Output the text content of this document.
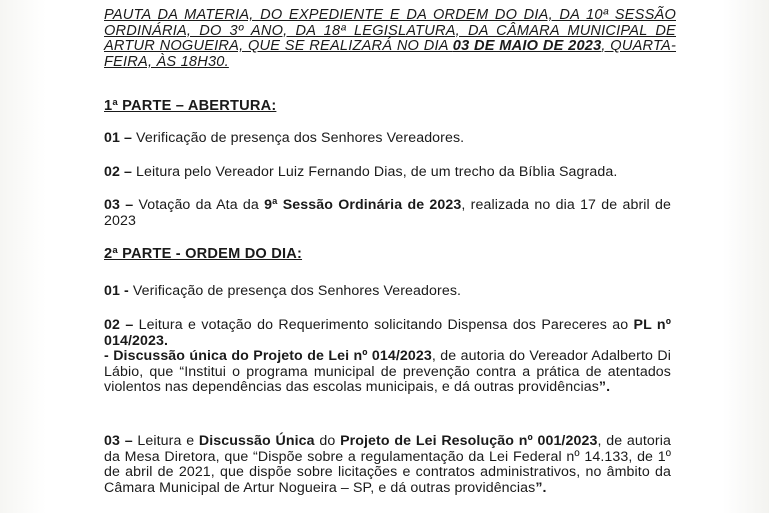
PAUTA DA MATERIA, DO EXPEDIENTE E DA ORDEM DO DIA, DA 10ª SESSÃO ORDINÁRIA, DO 3º ANO, DA 18ª LEGISLATURA, DA CÂMARA MUNICIPAL DE ARTUR NOGUEIRA, QUE SE REALIZARÁ NO DIA 03 DE MAIO DE 2023, QUARTA-FEIRA, ÀS 18H30.
1ª PARTE – ABERTURA:
01 – Verificação de presença dos Senhores Vereadores.
02 – Leitura pelo Vereador Luiz Fernando Dias, de um trecho da Bíblia Sagrada.
03 – Votação da Ata da 9ª Sessão Ordinária de 2023, realizada no dia 17 de abril de 2023
2ª PARTE - ORDEM DO DIA:
01 - Verificação de presença dos Senhores Vereadores.
02 – Leitura e votação do Requerimento solicitando Dispensa dos Pareceres ao PL nº 014/2023.
- Discussão única do Projeto de Lei nº 014/2023, de autoria do Vereador Adalberto Di Lábio, que “Institui o programa municipal de prevenção contra a prática de atentados violentos nas dependências das escolas municipais, e dá outras providências”.
03 – Leitura e Discussão Única do Projeto de Lei Resolução nº 001/2023, de autoria da Mesa Diretora, que “Dispõe sobre a regulamentação da Lei Federal nº 14.133, de 1º de abril de 2021, que dispõe sobre licitações e contratos administrativos, no âmbito da Câmara Municipal de Artur Nogueira – SP, e dá outras providências”.
